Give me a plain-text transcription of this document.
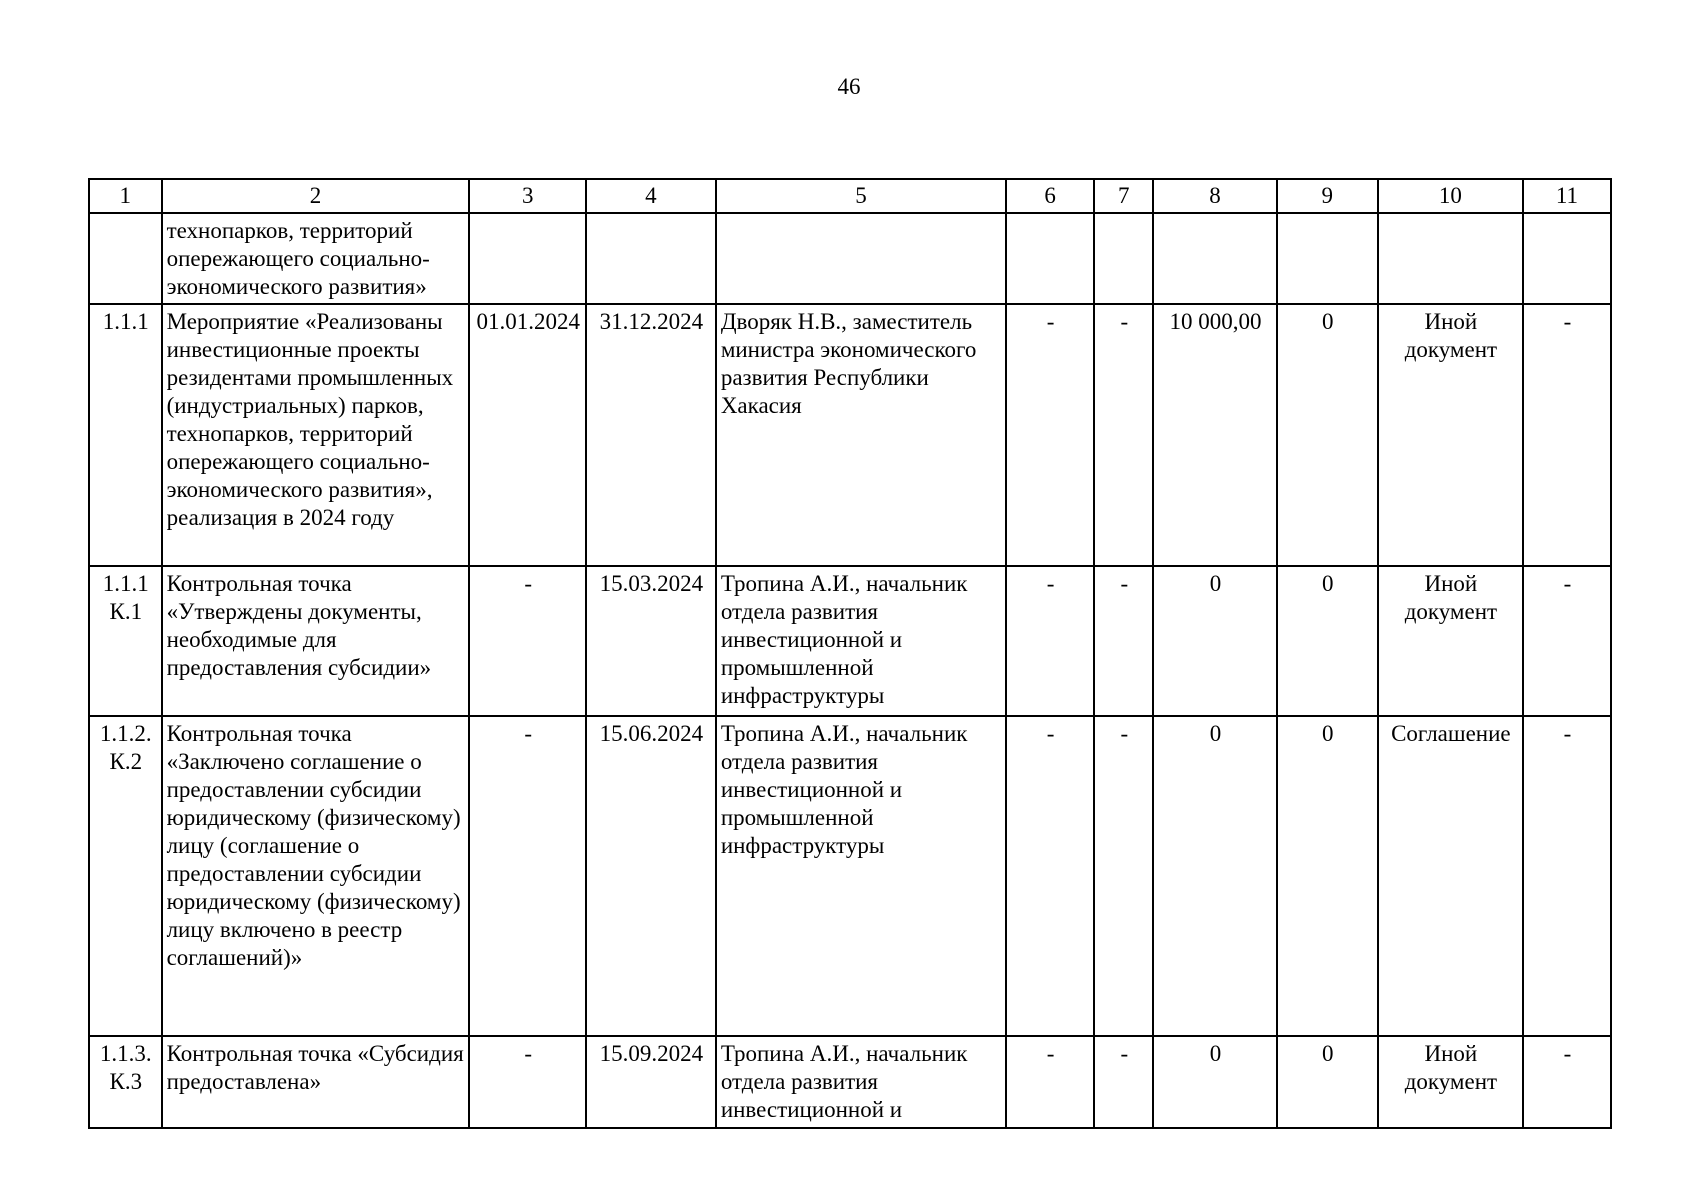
46
1	2	3	4	5	6	7	8	9	10	11
	технопарков, территорий опережающего социально-экономического развития»									
1.1.1	Мероприятие «Реализованы инвестиционные проекты резидентами промышленных (индустриальных) парков, технопарков, территорий опережающего социально-экономического развития», реализация в 2024 году	01.01.2024	31.12.2024	Дворяк Н.В., заместитель министра экономического развития Республики Хакасия	-	-	10 000,00	0	Иной документ	-
1.1.1 К.1	Контрольная точка «Утверждены документы, необходимые для предоставления субсидии»	-	15.03.2024	Тропина А.И., начальник отдела развития инвестиционной и промышленной инфраструктуры	-	-	0	0	Иной документ	-
1.1.2. К.2	Контрольная точка «Заключено соглашение о предоставлении субсидии юридическому (физическому) лицу (соглашение о предоставлении субсидии юридическому (физическому) лицу включено в реестр соглашений)»	-	15.06.2024	Тропина А.И., начальник отдела развития инвестиционной и промышленной инфраструктуры	-	-	0	0	Соглашение	-
1.1.3. К.3	Контрольная точка «Субсидия предоставлена»	-	15.09.2024	Тропина А.И., начальник отдела развития инвестиционной и	-	-	0	0	Иной документ	-
